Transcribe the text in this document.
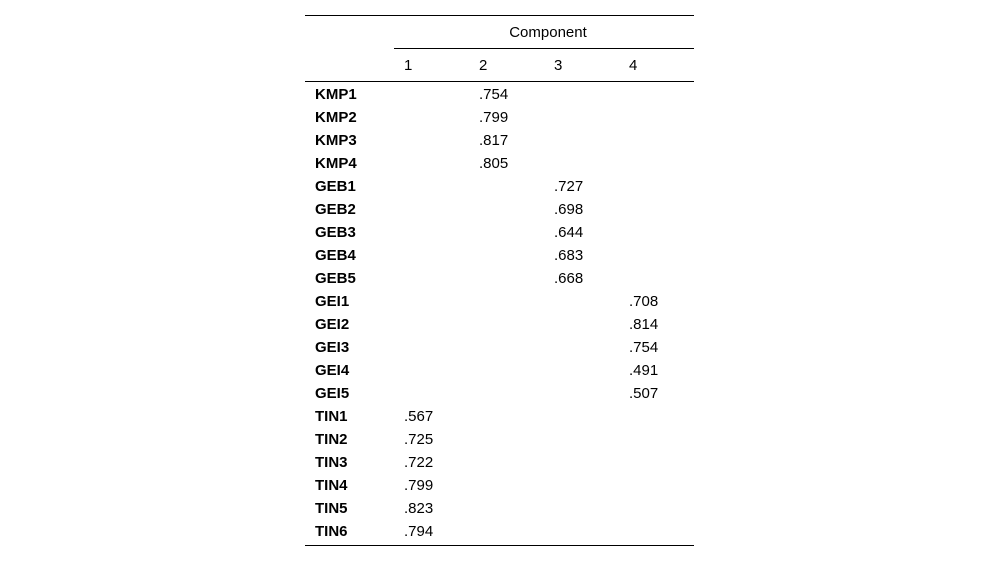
	Component			
	1	2	3	4
KMP1		.754		
KMP2		.799		
KMP3		.817		
KMP4		.805		
GEB1			.727	
GEB2			.698	
GEB3			.644	
GEB4			.683	
GEB5			.668	
GEI1				.708
GEI2				.814
GEI3				.754
GEI4				.491
GEI5				.507
TIN1	.567			
TIN2	.725			
TIN3	.722			
TIN4	.799			
TIN5	.823			
TIN6	.794			
